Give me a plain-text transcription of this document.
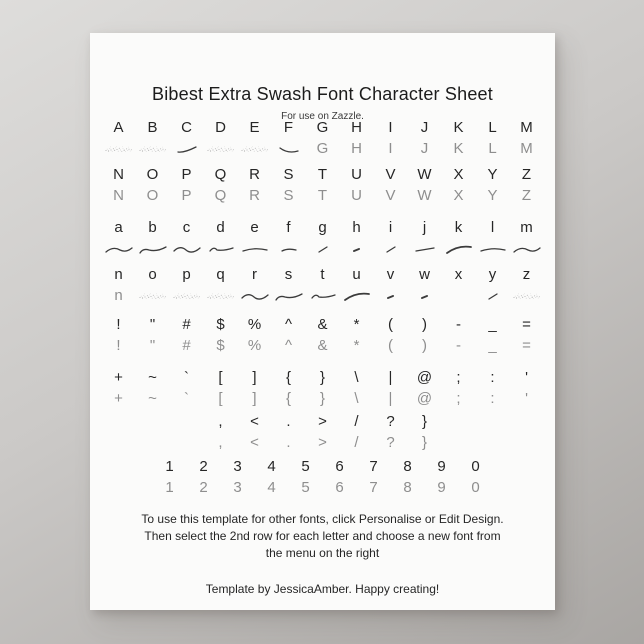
Bibest Extra Swash Font Character Sheet
For use on Zazzle.
A B C D E F G H I J K L M
G H I J K L M
N O P Q R S T U V W X Y Z
N O P Q R S T U V W X Y Z
a b c d e f g h i j k l m
n o p q r s t u v w x y z
n
! " # $ % ^ & * ( ) - _ =
! " # $ % ^ & * ( ) - _ =
+ ~ ` [ ] { } \ | @ ; : '
+ ~ ` [ ] { } \ | @ ; : '
, < . > / ? }
, < . > / ? }
1 2 3 4 5 6 7 8 9 0
1 2 3 4 5 6 7 8 9 0
To use this template for other fonts, click Personalise or Edit Design.
Then select the 2nd row for each letter and choose a new font from
the menu on the right
Template by JessicaAmber. Happy creating!
